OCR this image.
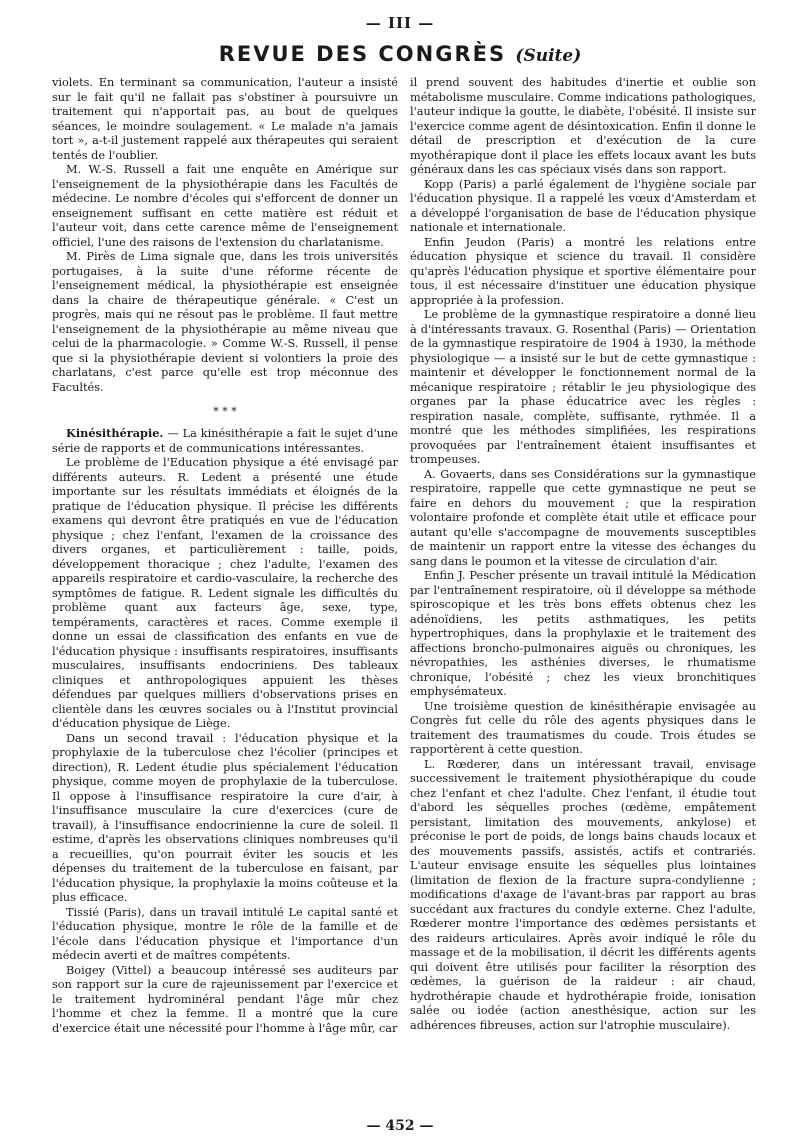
— III —
REVUE DES CONGRÈS (Suite)

violets. En terminant sa communication, l'auteur a insisté sur le fait qu'il ne fallait pas s'obstiner à poursuivre un traitement qui n'apportait pas, au bout de quelques séances, le moindre soulagement. « Le malade n'a jamais tort », a-t-il justement rappelé aux thérapeutes qui seraient tentés de l'oublier.

M. W.-S. Russell a fait une enquête en Amérique sur l'enseignement de la physiothérapie dans les Facultés de médecine. Le nombre d'écoles qui s'efforcent de donner un enseignement suffisant en cette matière est réduit et l'auteur voit, dans cette carence même de l'enseignement officiel, l'une des raisons de l'extension du charlatanisme.

M. Pirès de Lima signale que, dans les trois universités portugaises, à la suite d'une réforme récente de l'enseignement médical, la physiothérapie est enseignée dans la chaire de thérapeutique générale. « C'est un progrès, mais qui ne résout pas le problème. Il faut mettre l'enseignement de la physiothérapie au même niveau que celui de la pharmacologie. » Comme W.-S. Russell, il pense que si la physiothérapie devient si volontiers la proie des charlatans, c'est parce qu'elle est trop méconnue des Facultés.

* * *

Kinésithérapie. — La kinésithérapie a fait le sujet d'une série de rapports et de communications intéressantes.

Le problème de l'Education physique a été envisagé par différents auteurs. R. Ledent a présenté une étude importante sur les résultats immédiats et éloignés de la pratique de l'éducation physique. Il précise les différents examens qui devront être pratiqués en vue de l'éducation physique ; chez l'enfant, l'examen de la croissance des divers organes, et particulièrement : taille, poids, développement thoracique ; chez l'adulte, l'examen des appareils respiratoire et cardio-vasculaire, la recherche des symptômes de fatigue. R. Ledent signale les difficultés du problème quant aux facteurs âge, sexe, type, tempéraments, caractères et races. Comme exemple il donne un essai de classification des enfants en vue de l'éducation physique : insuffisants respiratoires, insuffisants musculaires, insuffisants endocriniens. Des tableaux cliniques et anthropologiques appuient les thèses défendues par quelques milliers d'observations prises en clientèle dans les œuvres sociales ou à l'Institut provincial d'éducation physique de Liège.

Dans un second travail : l'éducation physique et la prophylaxie de la tuberculose chez l'écolier (principes et direction), R. Ledent étudie plus spécialement l'éducation physique, comme moyen de prophylaxie de la tuberculose. Il oppose à l'insuffisance respiratoire la cure d'air, à l'insuffisance musculaire la cure d'exercices (cure de travail), à l'insuffisance endocrinienne la cure de soleil. Il estime, d'après les observations cliniques nombreuses qu'il a recueillies, qu'on pourrait éviter les soucis et les dépenses du traitement de la tuberculose en faisant, par l'éducation physique, la prophylaxie la moins coûteuse et la plus efficace.

Tissié (Paris), dans un travail intitulé Le capital santé et l'éducation physique, montre le rôle de la famille et de l'école dans l'éducation physique et l'importance d'un médecin averti et de maîtres compétents.

Boigey (Vittel) a beaucoup intéressé ses auditeurs par son rapport sur la cure de rajeunissement par l'exercice et le traitement hydrominéral pendant l'âge mûr chez l'homme et chez la femme. Il a montré que la cure d'exercice était une nécessité pour l'homme à l'âge mûr, car

il prend souvent des habitudes d'inertie et oublie son métabolisme musculaire. Comme indications pathologiques, l'auteur indique la goutte, le diabète, l'obésité. Il insiste sur l'exercice comme agent de désintoxication. Enfin il donne le détail de prescription et d'exécution de la cure myothérapique dont il place les effets locaux avant les buts généraux dans les cas spéciaux visés dans son rapport.

Kopp (Paris) a parlé également de l'hygiène sociale par l'éducation physique. Il a rappelé les vœux d'Amsterdam et a développé l'organisation de base de l'éducation physique nationale et internationale.

Enfin Jeudon (Paris) a montré les relations entre éducation physique et science du travail. Il considère qu'après l'éducation physique et sportive élémentaire pour tous, il est nécessaire d'instituer une éducation physique appropriée à la profession.

Le problème de la gymnastique respiratoire a donné lieu à d'intéressants travaux. G. Rosenthal (Paris) — Orientation de la gymnastique respiratoire de 1904 à 1930, la méthode physiologique — a insisté sur le but de cette gymnastique : maintenir et développer le fonctionnement normal de la mécanique respiratoire ; rétablir le jeu physiologique des organes par la phase éducatrice avec les règles : respiration nasale, complète, suffisante, rythmée. Il a montré que les méthodes simplifiées, les respirations provoquées par l'entraînement étaient insuffisantes et trompeuses.

A. Govaerts, dans ses Considérations sur la gymnastique respiratoire, rappelle que cette gymnastique ne peut se faire en dehors du mouvement ; que la respiration volontaire profonde et complète était utile et efficace pour autant qu'elle s'accompagne de mouvements susceptibles de maintenir un rapport entre la vitesse des échanges du sang dans le poumon et la vitesse de circulation d'air.

Enfin J. Pescher présente un travail intitulé la Médication par l'entraînement respiratoire, où il développe sa méthode spiroscopique et les très bons effets obtenus chez les adénoïdiens, les petits asthmatiques, les petits hypertrophiques, dans la prophylaxie et le traitement des affections broncho-pulmonaires aiguës ou chroniques, les névropathies, les asthénies diverses, le rhumatisme chronique, l'obésité ; chez les vieux bronchitiques emphysémateux.

Une troisième question de kinésithérapie envisagée au Congrès fut celle du rôle des agents physiques dans le traitement des traumatismes du coude. Trois études se rapportèrent à cette question.

L. Rœderer, dans un intéressant travail, envisage successivement le traitement physiothérapique du coude chez l'enfant et chez l'adulte. Chez l'enfant, il étudie tout d'abord les séquelles proches (œdème, empâtement persistant, limitation des mouvements, ankylose) et préconise le port de poids, de longs bains chauds locaux et des mouvements passifs, assistés, actifs et contrariés. L'auteur envisage ensuite les séquelles plus lointaines (limitation de flexion de la fracture supra-condylienne ; modifications d'axage de l'avant-bras par rapport au bras succédant aux fractures du condyle externe. Chez l'adulte, Rœderer montre l'importance des œdèmes persistants et des raideurs articulaires. Après avoir indiqué le rôle du massage et de la mobilisation, il décrit les différents agents qui doivent être utilisés pour faciliter la résorption des œdèmes, la guérison de la raideur : air chaud, hydrothérapie chaude et hydrothérapie froide, ionisation salée ou iodée (action anesthésique, action sur les adhérences fibreuses, action sur l'atrophie musculaire).

— 452 —
